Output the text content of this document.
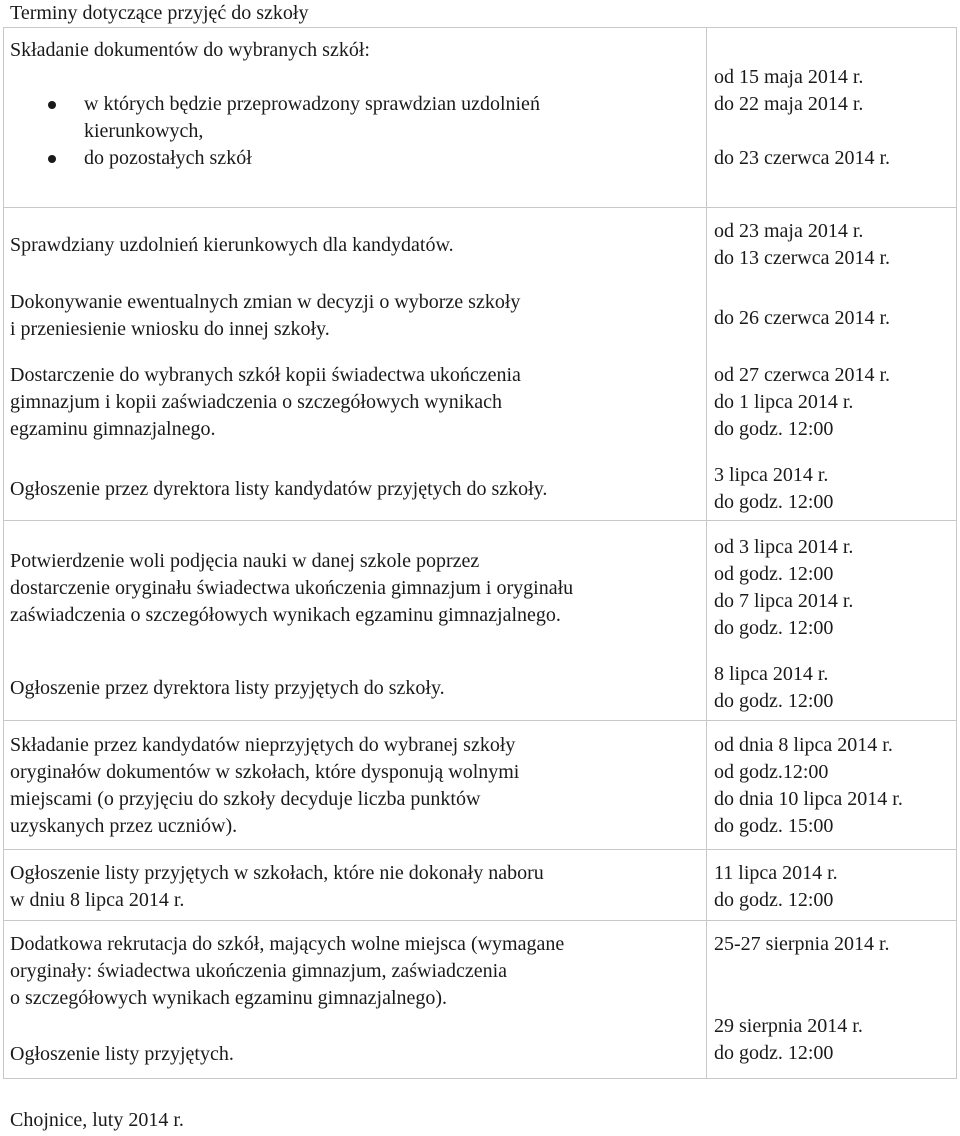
Terminy dotyczące przyjęć do szkoły
Składanie dokumentów do wybranych szkół:
w których będzie przeprowadzony sprawdzian uzdolnień
kierunkowych,
do pozostałych szkół
od 15 maja 2014 r.
do 22 maja 2014 r.
do 23 czerwca 2014 r.
Sprawdziany uzdolnień kierunkowych dla kandydatów.
od 23 maja 2014 r.
do 13 czerwca 2014 r.
Dokonywanie ewentualnych zmian w decyzji o wyborze szkoły
i przeniesienie wniosku do innej szkoły.	do 26 czerwca 2014 r.
Dostarczenie do wybranych szkół kopii świadectwa ukończenia
gimnazjum i kopii zaświadczenia o szczegółowych wynikach
egzaminu gimnazjalnego.
od 27 czerwca 2014 r.
do 1 lipca 2014 r.
do godz. 12:00
Ogłoszenie przez dyrektora listy kandydatów przyjętych do szkoły.
3 lipca 2014 r.
do godz. 12:00
Potwierdzenie woli podjęcia nauki w danej szkole poprzez
dostarczenie oryginału świadectwa ukończenia gimnazjum i oryginału
zaświadczenia o szczegółowych wynikach egzaminu gimnazjalnego.
od 3 lipca 2014 r.
od godz. 12:00
do 7 lipca 2014 r.
do godz. 12:00
Ogłoszenie przez dyrektora listy przyjętych do szkoły.
8 lipca 2014 r.
do godz. 12:00
Składanie przez kandydatów nieprzyjętych do wybranej szkoły
oryginałów dokumentów w szkołach, które dysponują wolnymi
miejscami (o przyjęciu do szkoły decyduje liczba punktów
uzyskanych przez uczniów).
od dnia 8 lipca 2014 r.
od godz.12:00
do dnia 10 lipca 2014 r.
do godz. 15:00
Ogłoszenie listy przyjętych w szkołach, które nie dokonały naboru
w dniu 8 lipca 2014 r.
11 lipca 2014 r.
do godz. 12:00
Dodatkowa rekrutacja do szkół, mających wolne miejsca (wymagane
oryginały: świadectwa ukończenia gimnazjum, zaświadczenia
o szczegółowych wynikach egzaminu gimnazjalnego).
25-27 sierpnia 2014 r.
Ogłoszenie listy przyjętych.
29 sierpnia 2014 r.
do godz. 12:00
Chojnice, luty 2014 r.
